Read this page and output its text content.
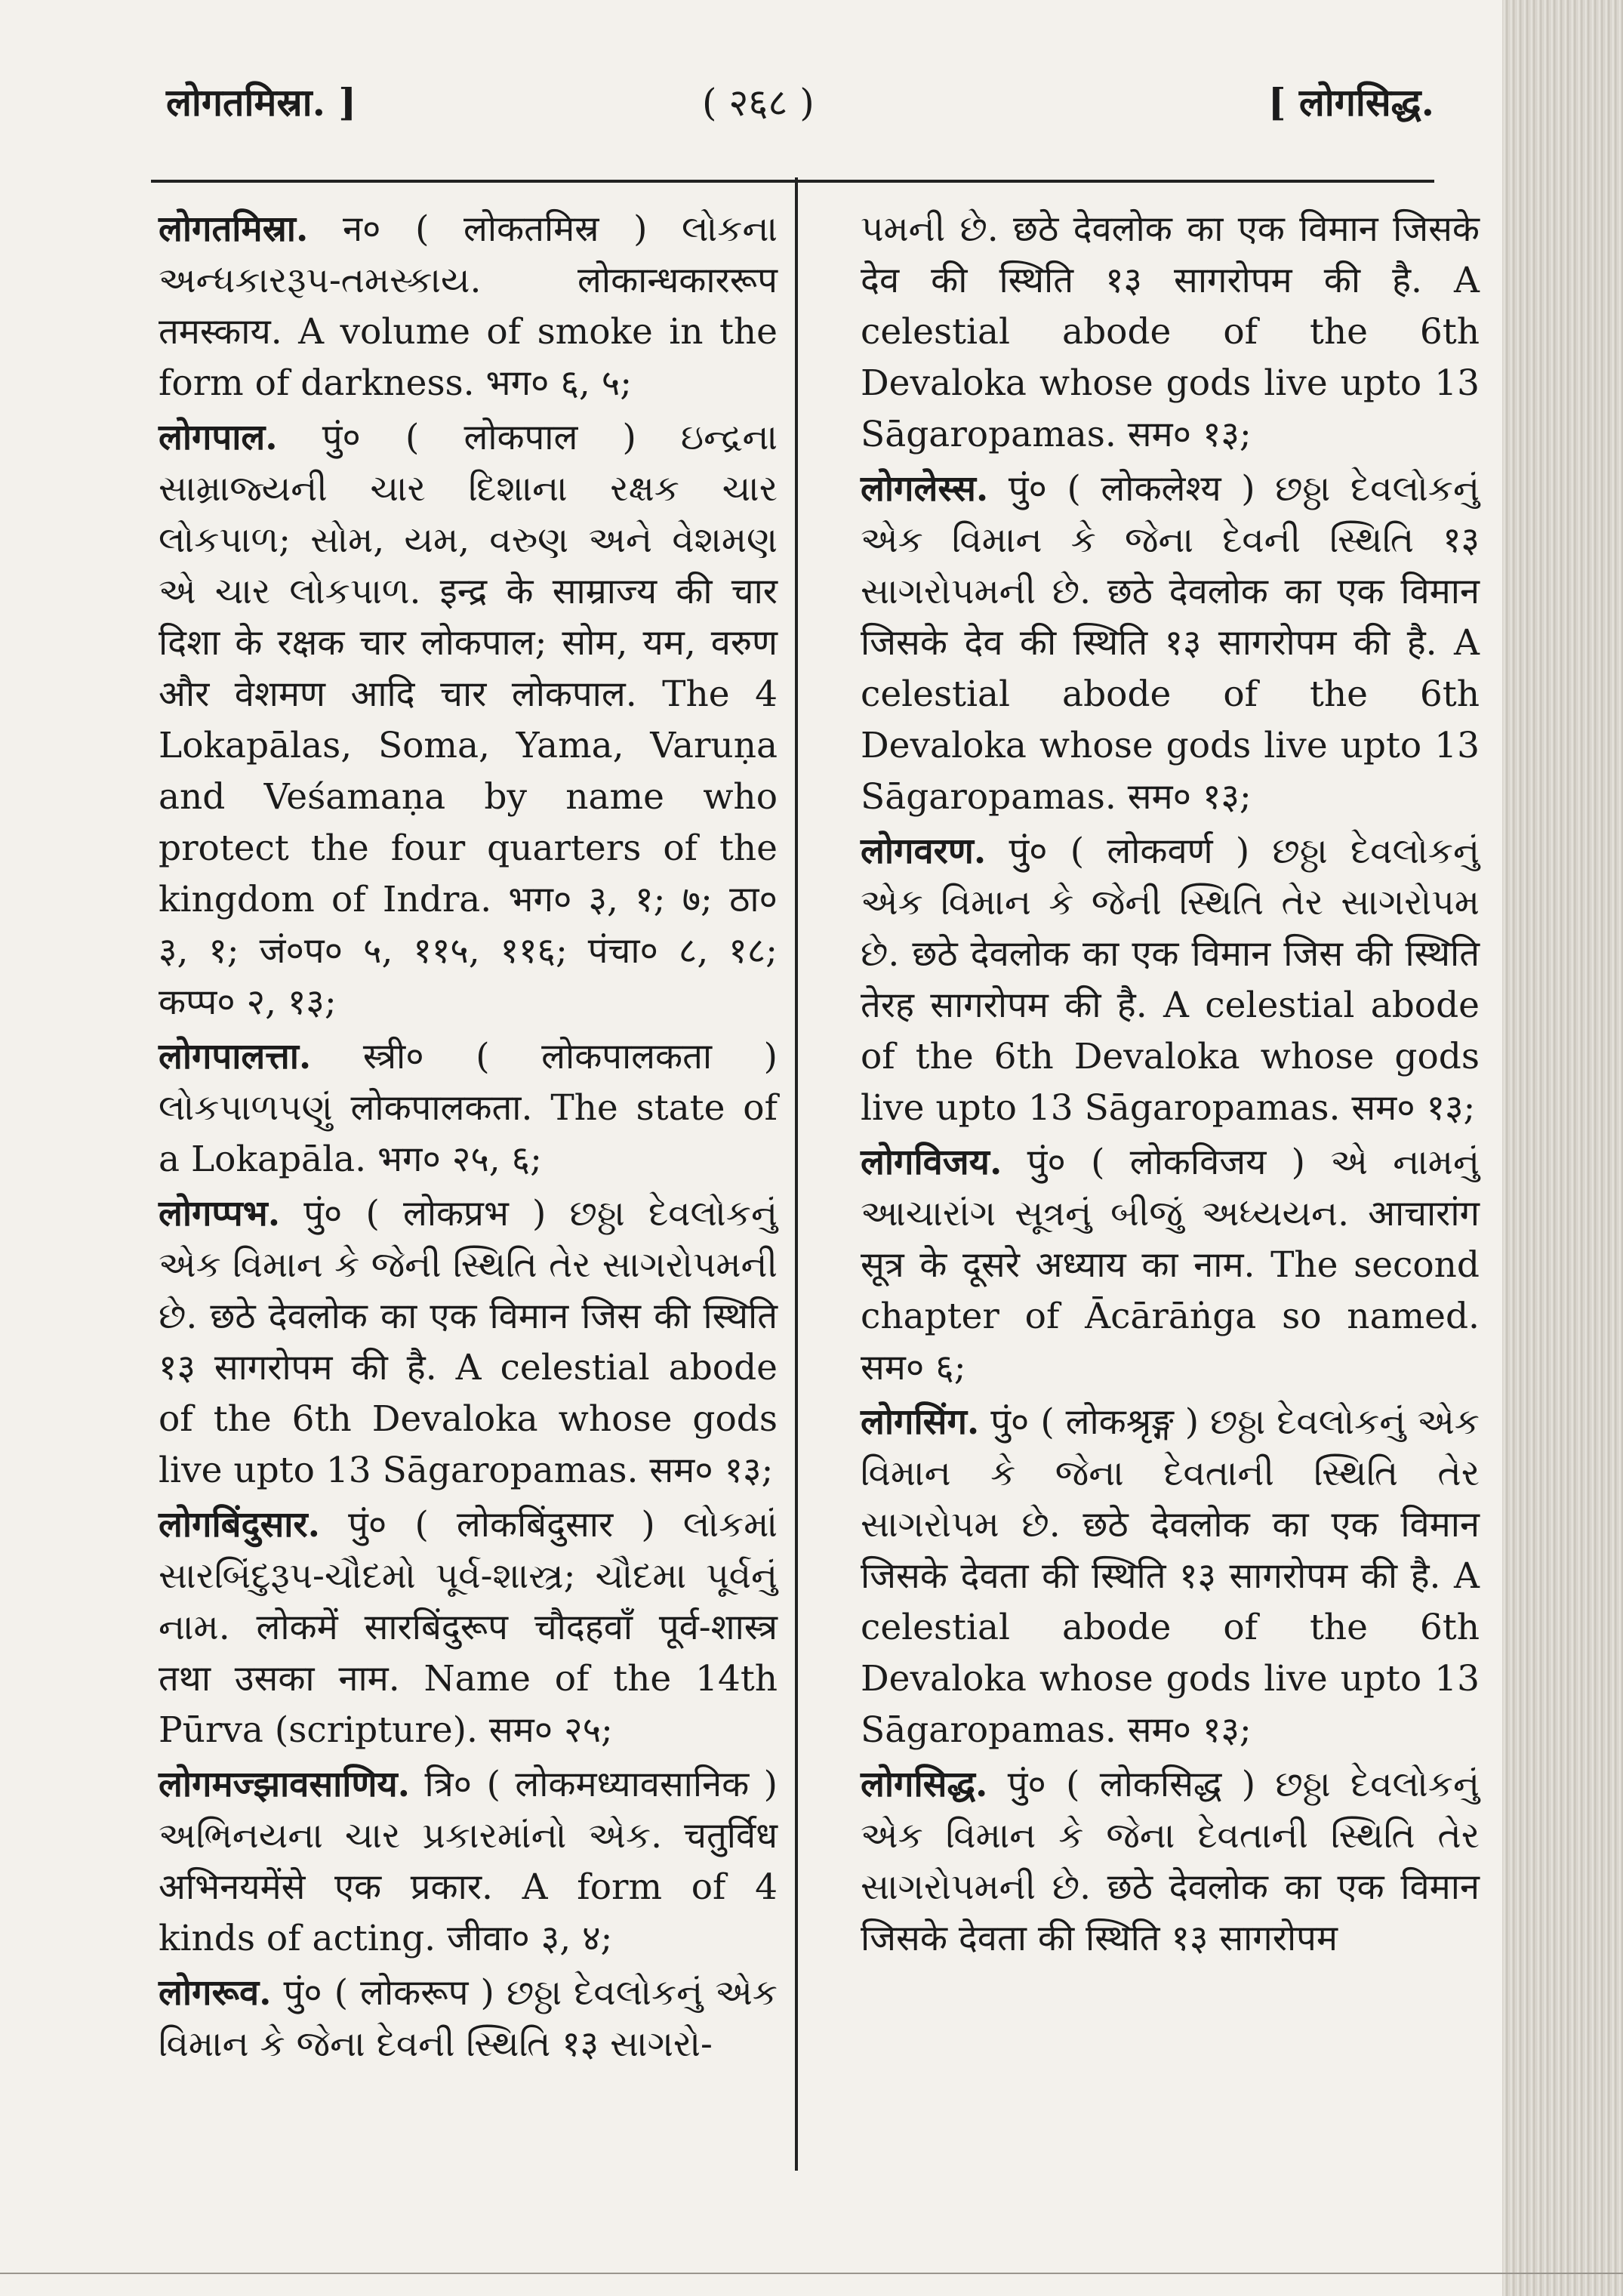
लोगतमिस्रा. ]	( २६८ )	[ लोगसिद्ध.

लोगतमिस्रा. न० ( लोकतमिस्र ) લોકના અન્ધકારરૂપ-તમસ્કાય. लोकान्धकाररूप तमस्काय. A volume of smoke in the form of darkness. भग० ६, ५;

लोगपाल. पुं० ( लोकपाल ) ઇન્દ્રના સામ્રાજ્યની ચાર દિશાના રક્ષક ચાર લોકપાળ; સોમ, યમ, વરુણ અને વેશમણ એ ચાર લોકપાળ. इन्द्र के साम्राज्य की चार दिशा के रक्षक चार लोकपाल; सोम, यम, वरुण और वेशमण आदि चार लोकपाल. The 4 Lokapālas, Soma, Yama, Varuṇa and Veśamaṇa by name who protect the four quarters of the kingdom of Indra. भग० ३, १; ७; ठा० ३, १; जं०प० ५, ११५, ११६; पंचा० ८, १८; कप्प० २, १३;

लोगपालत्ता. स्त्री० ( लोकपालकता ) લોકપાળપણું लोकपालकता. The state of a Lokapāla. भग० २५, ६;

लोगप्पभ. पुं० ( लोकप्रभ ) છઠ્ઠા દેવલોકનું એક વિમાન કે જેની સ્થિતિ તેર સાગરોપમની છે. छठे देवलोक का एक विमान जिस की स्थिति १३ सागरोपम की है. A celestial abode of the 6th Devaloka whose gods live upto 13 Sāgaropamas. सम० १३;

लोगबिंदुसार. पुं० ( लोकबिंदुसार ) લોકમાં સારબિંદુરૂપ-ચૌદમો પૂર્વ-શાસ્ત્ર; ચૌદમા પૂર્વનું નામ. लोकमें सारबिंदुरूप चौदहवाँ पूर्व-शास्त्र तथा उसका नाम. Name of the 14th Pūrva (scripture). सम० २५;

लोगमज्झावसाणिय. त्रि० ( लोकमध्यावसानिक ) અભિનયના ચાર પ્રકારમાંનો એક. चतुर्विध अभिनयमेंसे एक प्रकार. A form of 4 kinds of acting. जीवा० ३, ४;

लोगरूव. पुं० ( लोकरूप ) છઠ્ઠા દેવલોકનું એક વિમાન કે જેના દેવની સ્થિતિ १३ સાગરો-

પમની છે. छठे देवलोक का एक विमान जिसके देव की स्थिति १३ सागरोपम की है. A celestial abode of the 6th Devaloka whose gods live upto 13 Sāgaropamas. सम० १३;

लोगलेस्स. पुं० ( लोकलेश्य ) છઠ્ઠા દેવલોકનું એક વિમાન કે જેના દેવની સ્થિતિ १३ સાગરોપમની છે. छठे देवलोक का एक विमान जिसके देव की स्थिति १३ सागरोपम की है. A celestial abode of the 6th Devaloka whose gods live upto 13 Sāgaropamas. सम० १३;

लोगवरण. पुं० ( लोकवर्ण ) છઠ્ઠા દેવલોકનું એક વિમાન કે જેની સ્થિતિ તેર સાગરોપમ છે. छठे देवलोक का एक विमान जिस की स्थिति तेरह सागरोपम की है. A celestial abode of the 6th Devaloka whose gods live upto 13 Sāgaropamas. सम० १३;

लोगविजय. पुं० ( लोकविजय ) એ નામનું આચારાંગ સૂત્રનું બીજું અધ્યયન. आचारांग सूत्र के दूसरे अध्याय का नाम. The second chapter of Ācārāṅga so named. सम० ६;

लोगसिंग. पुं० ( लोकश्रृङ्ग ) છઠ્ઠા દેવલોકનું એક વિમાન કે જેના દેવતાની સ્થિતિ તેર સાગરોપમ છે. छठे देवलोक का एक विमान जिसके देवता की स्थिति १३ सागरोपम की है. A celestial abode of the 6th Devaloka whose gods live upto 13 Sāgaropamas. सम० १३;

लोगसिद्ध. पुं० ( लोकसिद्ध ) છઠ્ઠા દેવલોકનું એક વિમાન કે જેના દેવતાની સ્થિતિ તેર સાગરોપમની છે. छठे देवलोक का एक विमान जिसके देवता की स्थिति १३ सागरोपम
